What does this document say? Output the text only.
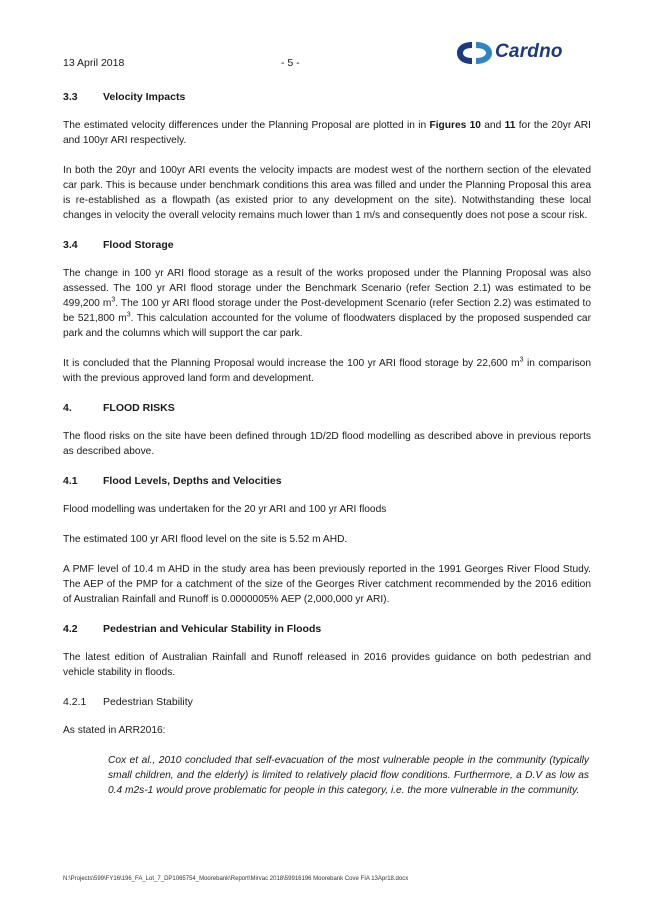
13 April 2018	- 5 -
Cardno
3.3 Velocity Impacts

The estimated velocity differences under the Planning Proposal are plotted in in Figures 10 and 11 for the 20yr ARI and 100yr ARI respectively.

In both the 20yr and 100yr ARI events the velocity impacts are modest west of the northern section of the elevated car park. This is because under benchmark conditions this area was filled and under the Planning Proposal this area is re-established as a flowpath (as existed prior to any development on the site). Notwithstanding these local changes in velocity the overall velocity remains much lower than 1 m/s and consequently does not pose a scour risk.

3.4 Flood Storage

The change in 100 yr ARI flood storage as a result of the works proposed under the Planning Proposal was also assessed. The 100 yr ARI flood storage under the Benchmark Scenario (refer Section 2.1) was estimated to be 499,200 $m^3$. The 100 yr ARI flood storage under the Post-development Scenario (refer Section 2.2) was estimated to be 521,800 $m^3$. This calculation accounted for the volume of floodwaters displaced by the proposed suspended car park and the columns which will support the car park.

It is concluded that the Planning Proposal would increase the 100 yr ARI flood storage by 22,600 $m^3$ in comparison with the previous approved land form and development.

4.	FLOOD RISKS

The flood risks on the site have been defined through 1D/2D flood modelling as described above in previous reports as described above.

4.1 Flood Levels, Depths and Velocities

Flood modelling was undertaken for the 20 yr ARI and 100 yr ARI floods

The estimated 100 yr ARI flood level on the site is 5.52 m AHD.

A PMF level of 10.4 m AHD in the study area has been previously reported in the 1991 Georges River Flood Study. The AEP of the PMP for a catchment of the size of the Georges River catchment recommended by the 2016 edition of Australian Rainfall and Runoff is 0.0000005% AEP (2,000,000 yr ARI).

4.2 Pedestrian and Vehicular Stability in Floods

The latest edition of Australian Rainfall and Runoff released in 2016 provides guidance on both pedestrian and vehicle stability in floods.

4.2.1 Pedestrian Stability

As stated in ARR2016:

Cox et al., 2010 concluded that self-evacuation of the most vulnerable people in the community (typically small children, and the elderly) is limited to relatively placid flow conditions. Furthermore, a D.V as low as 0.4 m2s-1 would prove problematic for people in this category, i.e. the more vulnerable in the community.

N:\Projects\599\FY16\196_FA_Lot_7_DP1065754_Moorebank\Report\Mirvac 2018\59916196 Moorebank Cove FIA 13Apr18.docx
